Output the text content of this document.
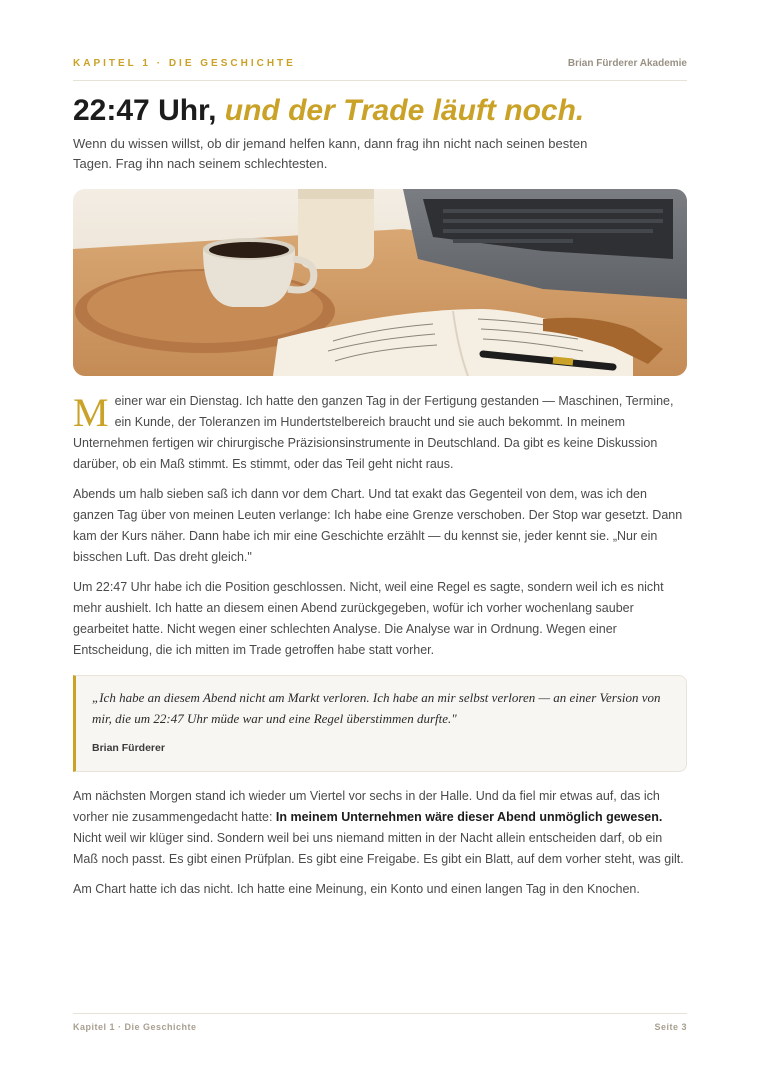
KAPITEL 1 · DIE GESCHICHTE	Brian Fürderer Akademie
22:47 Uhr, und der Trade läuft noch.

Wenn du wissen willst, ob dir jemand helfen kann, dann frag ihn nicht nach seinen besten Tagen. Frag ihn nach seinem schlechtesten.

Meiner war ein Dienstag. Ich hatte den ganzen Tag in der Fertigung gestanden — Maschinen, Termine, ein Kunde, der Toleranzen im Hundertstelbereich braucht und sie auch bekommt. In meinem Unternehmen fertigen wir chirurgische Präzisionsinstrumente in Deutschland. Da gibt es keine Diskussion darüber, ob ein Maß stimmt. Es stimmt, oder das Teil geht nicht raus.

Abends um halb sieben saß ich dann vor dem Chart. Und tat exakt das Gegenteil von dem, was ich den ganzen Tag über von meinen Leuten verlange: Ich habe eine Grenze verschoben. Der Stop war gesetzt. Dann kam der Kurs näher. Dann habe ich mir eine Geschichte erzählt — du kennst sie, jeder kennt sie. „Nur ein bisschen Luft. Das dreht gleich."

Um 22:47 Uhr habe ich die Position geschlossen. Nicht, weil eine Regel es sagte, sondern weil ich es nicht mehr aushielt. Ich hatte an diesem einen Abend zurückgegeben, wofür ich vorher wochenlang sauber gearbeitet hatte. Nicht wegen einer schlechten Analyse. Die Analyse war in Ordnung. Wegen einer Entscheidung, die ich mitten im Trade getroffen habe statt vorher.

„Ich habe an diesem Abend nicht am Markt verloren. Ich habe an mir selbst verloren — an einer Version von mir, die um 22:47 Uhr müde war und eine Regel überstimmen durfte."

Brian Fürderer

Am nächsten Morgen stand ich wieder um Viertel vor sechs in der Halle. Und da fiel mir etwas auf, das ich vorher nie zusammengedacht hatte: In meinem Unternehmen wäre dieser Abend unmöglich gewesen. Nicht weil wir klüger sind. Sondern weil bei uns niemand mitten in der Nacht allein entscheiden darf, ob ein Maß noch passt. Es gibt einen Prüfplan. Es gibt eine Freigabe. Es gibt ein Blatt, auf dem vorher steht, was gilt.

Am Chart hatte ich das nicht. Ich hatte eine Meinung, ein Konto und einen langen Tag in den Knochen.

Kapitel 1 · Die Geschichte	Seite 3
